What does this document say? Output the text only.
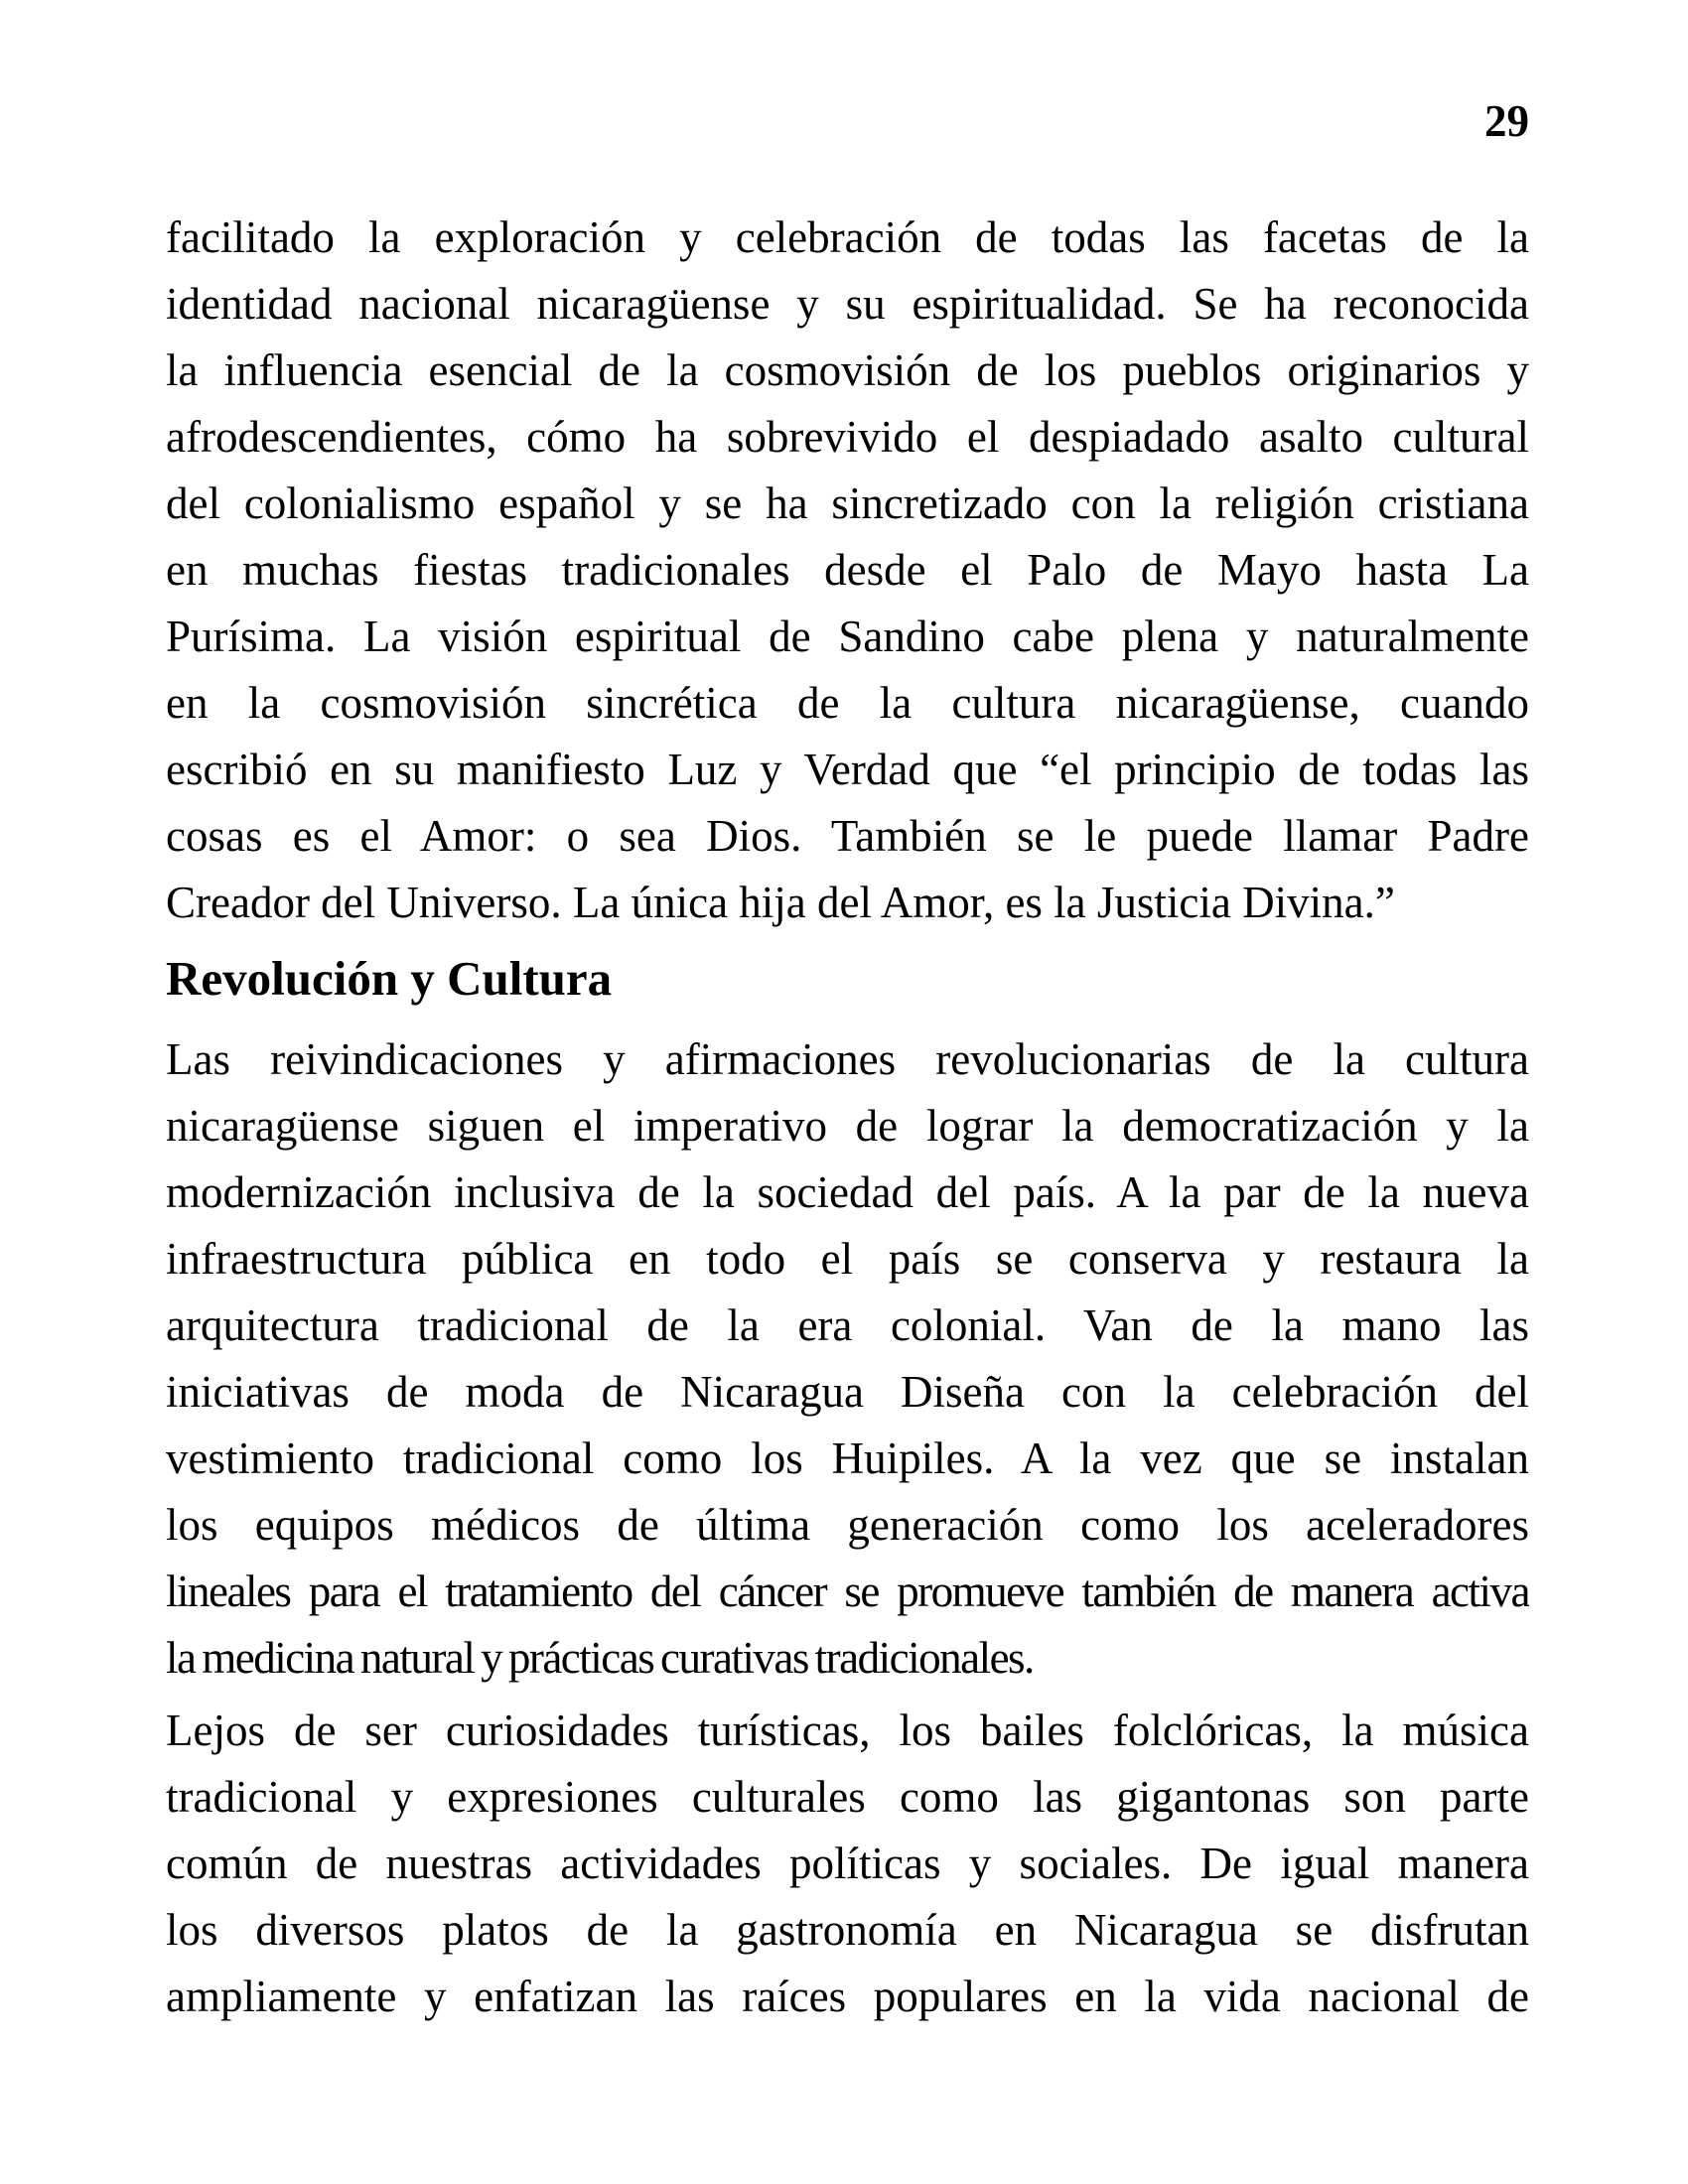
29
facilitado la exploración y celebración de todas las facetas de la
identidad nacional nicaragüense y su espiritualidad. Se ha reconocida
la influencia esencial de la cosmovisión de los pueblos originarios y
afrodescendientes, cómo ha sobrevivido el despiadado asalto cultural
del colonialismo español y se ha sincretizado con la religión cristiana
en muchas fiestas tradicionales desde el Palo de Mayo hasta La
Purísima. La visión espiritual de Sandino cabe plena y naturalmente
en la cosmovisión sincrética de la cultura nicaragüense, cuando
escribió en su manifiesto Luz y Verdad que “el principio de todas las
cosas es el Amor: o sea Dios. También se le puede llamar Padre
Creador del Universo. La única hija del Amor, es la Justicia Divina.”
Revolución y Cultura
Las reivindicaciones y afirmaciones revolucionarias de la cultura
nicaragüense siguen el imperativo de lograr la democratización y la
modernización inclusiva de la sociedad del país. A la par de la nueva
infraestructura pública en todo el país se conserva y restaura la
arquitectura tradicional de la era colonial. Van de la mano las
iniciativas de moda de Nicaragua Diseña con la celebración del
vestimiento tradicional como los Huipiles. A la vez que se instalan
los equipos médicos de última generación como los aceleradores
lineales para el tratamiento del cáncer se promueve también de manera activa
la medicina natural y prácticas curativas tradicionales.
Lejos de ser curiosidades turísticas, los bailes folclóricas, la música
tradicional y expresiones culturales como las gigantonas son parte
común de nuestras actividades políticas y sociales. De igual manera
los diversos platos de la gastronomía en Nicaragua se disfrutan
ampliamente y enfatizan las raíces populares en la vida nacional de
